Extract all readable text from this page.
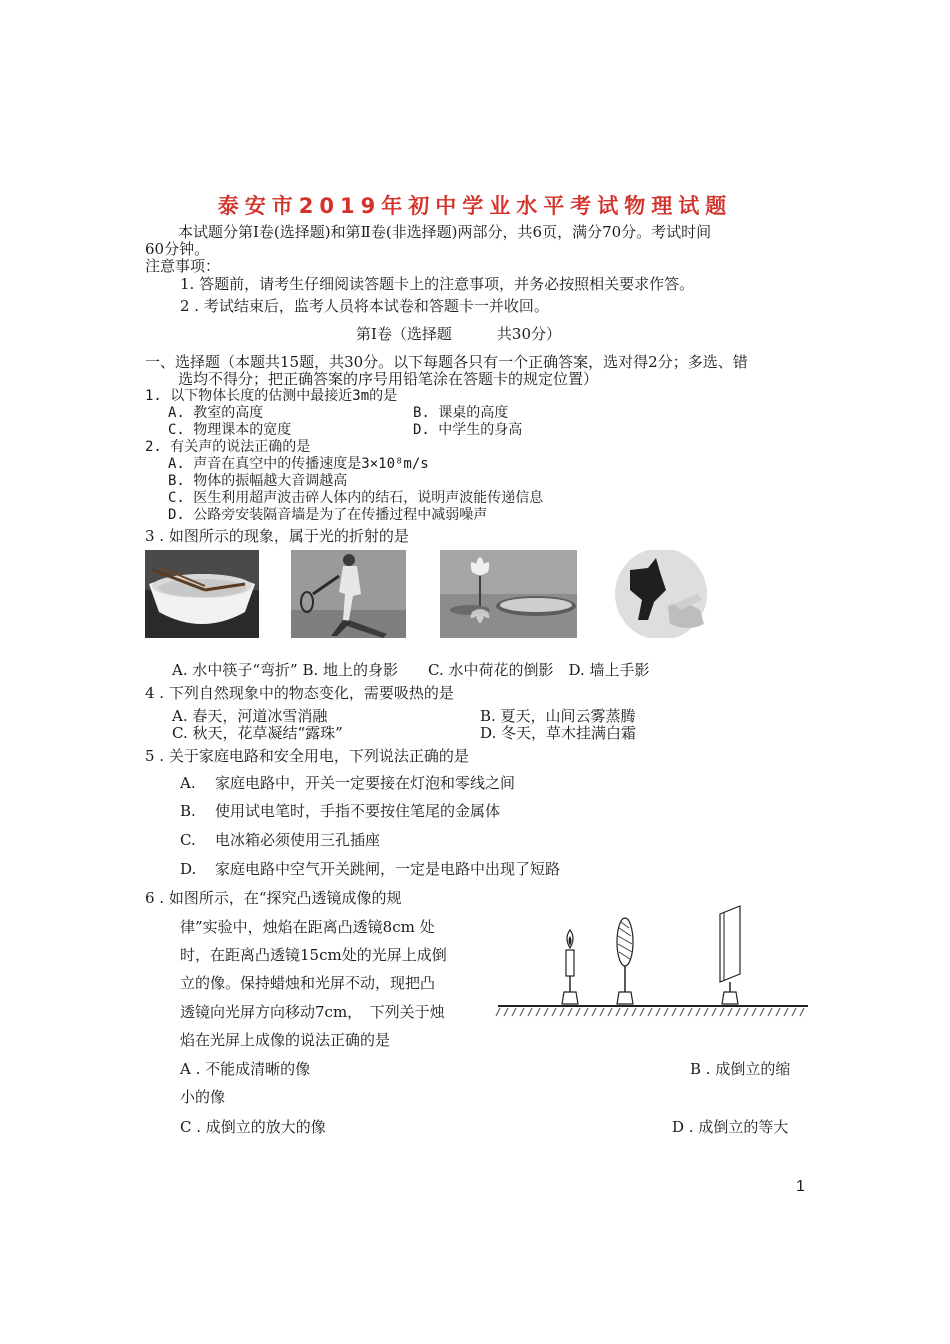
泰安市2019年初中学业水平考试物理试题
本试题分第Ⅰ卷(选择题)和第Ⅱ卷(非选择题)两部分，共6页，满分70分。考试时间
60分钟。
注意事项：
1. 答题前，请考生仔细阅读答题卡上的注意事项，并务必按照相关要求作答。
2 . 考试结束后，监考人员将本试卷和答题卡一并收回。
第Ⅰ卷（选择题　　　共30分）
一、选择题（本题共15题，共30分。以下每题各只有一个正确答案，选对得2分；多选、错
选均不得分；把正确答案的序号用铅笔涂在答题卡的规定位置）
1. 以下物体长度的估测中最接近3m的是
A. 教室的高度	B. 课桌的高度
C. 物理课本的宽度	D. 中学生的身高
2. 有关声的说法正确的是
A. 声音在真空中的传播速度是3×10⁸m/s
B. 物体的振幅越大音调越高
C. 医生利用超声波击碎人体内的结石，说明声波能传递信息
D. 公路旁安装隔音墙是为了在传播过程中减弱噪声
3 . 如图所示的现象，属于光的折射的是
A. 水中筷子“弯折” B. 地上的身影　　C. 水中荷花的倒影　D. 墙上手影
4 . 下列自然现象中的物态变化，需要吸热的是
A. 春天，河道冰雪消融	B. 夏天，山间云雾蒸腾
C. 秋天，花草凝结“露珠”	D. 冬天，草木挂满白霜
5 . 关于家庭电路和安全用电，下列说法正确的是
A. 家庭电路中，开关一定要接在灯泡和零线之间
B. 使用试电笔时，手指不要按住笔尾的金属体
C. 电冰箱必须使用三孔插座
D. 家庭电路中空气开关跳闸，一定是电路中出现了短路
6 . 如图所示，在“探究凸透镜成像的规
律”实验中，烛焰在距离凸透镜8cm 处
时，在距离凸透镜15cm处的光屏上成倒
立的像。保持蜡烛和光屏不动，现把凸
透镜向光屏方向移动7cm，　下列关于烛
焰在光屏上成像的说法正确的是
A . 不能成清晰的像	B . 成倒立的缩
小的像
C . 成倒立的放大的像	D . 成倒立的等大
1
